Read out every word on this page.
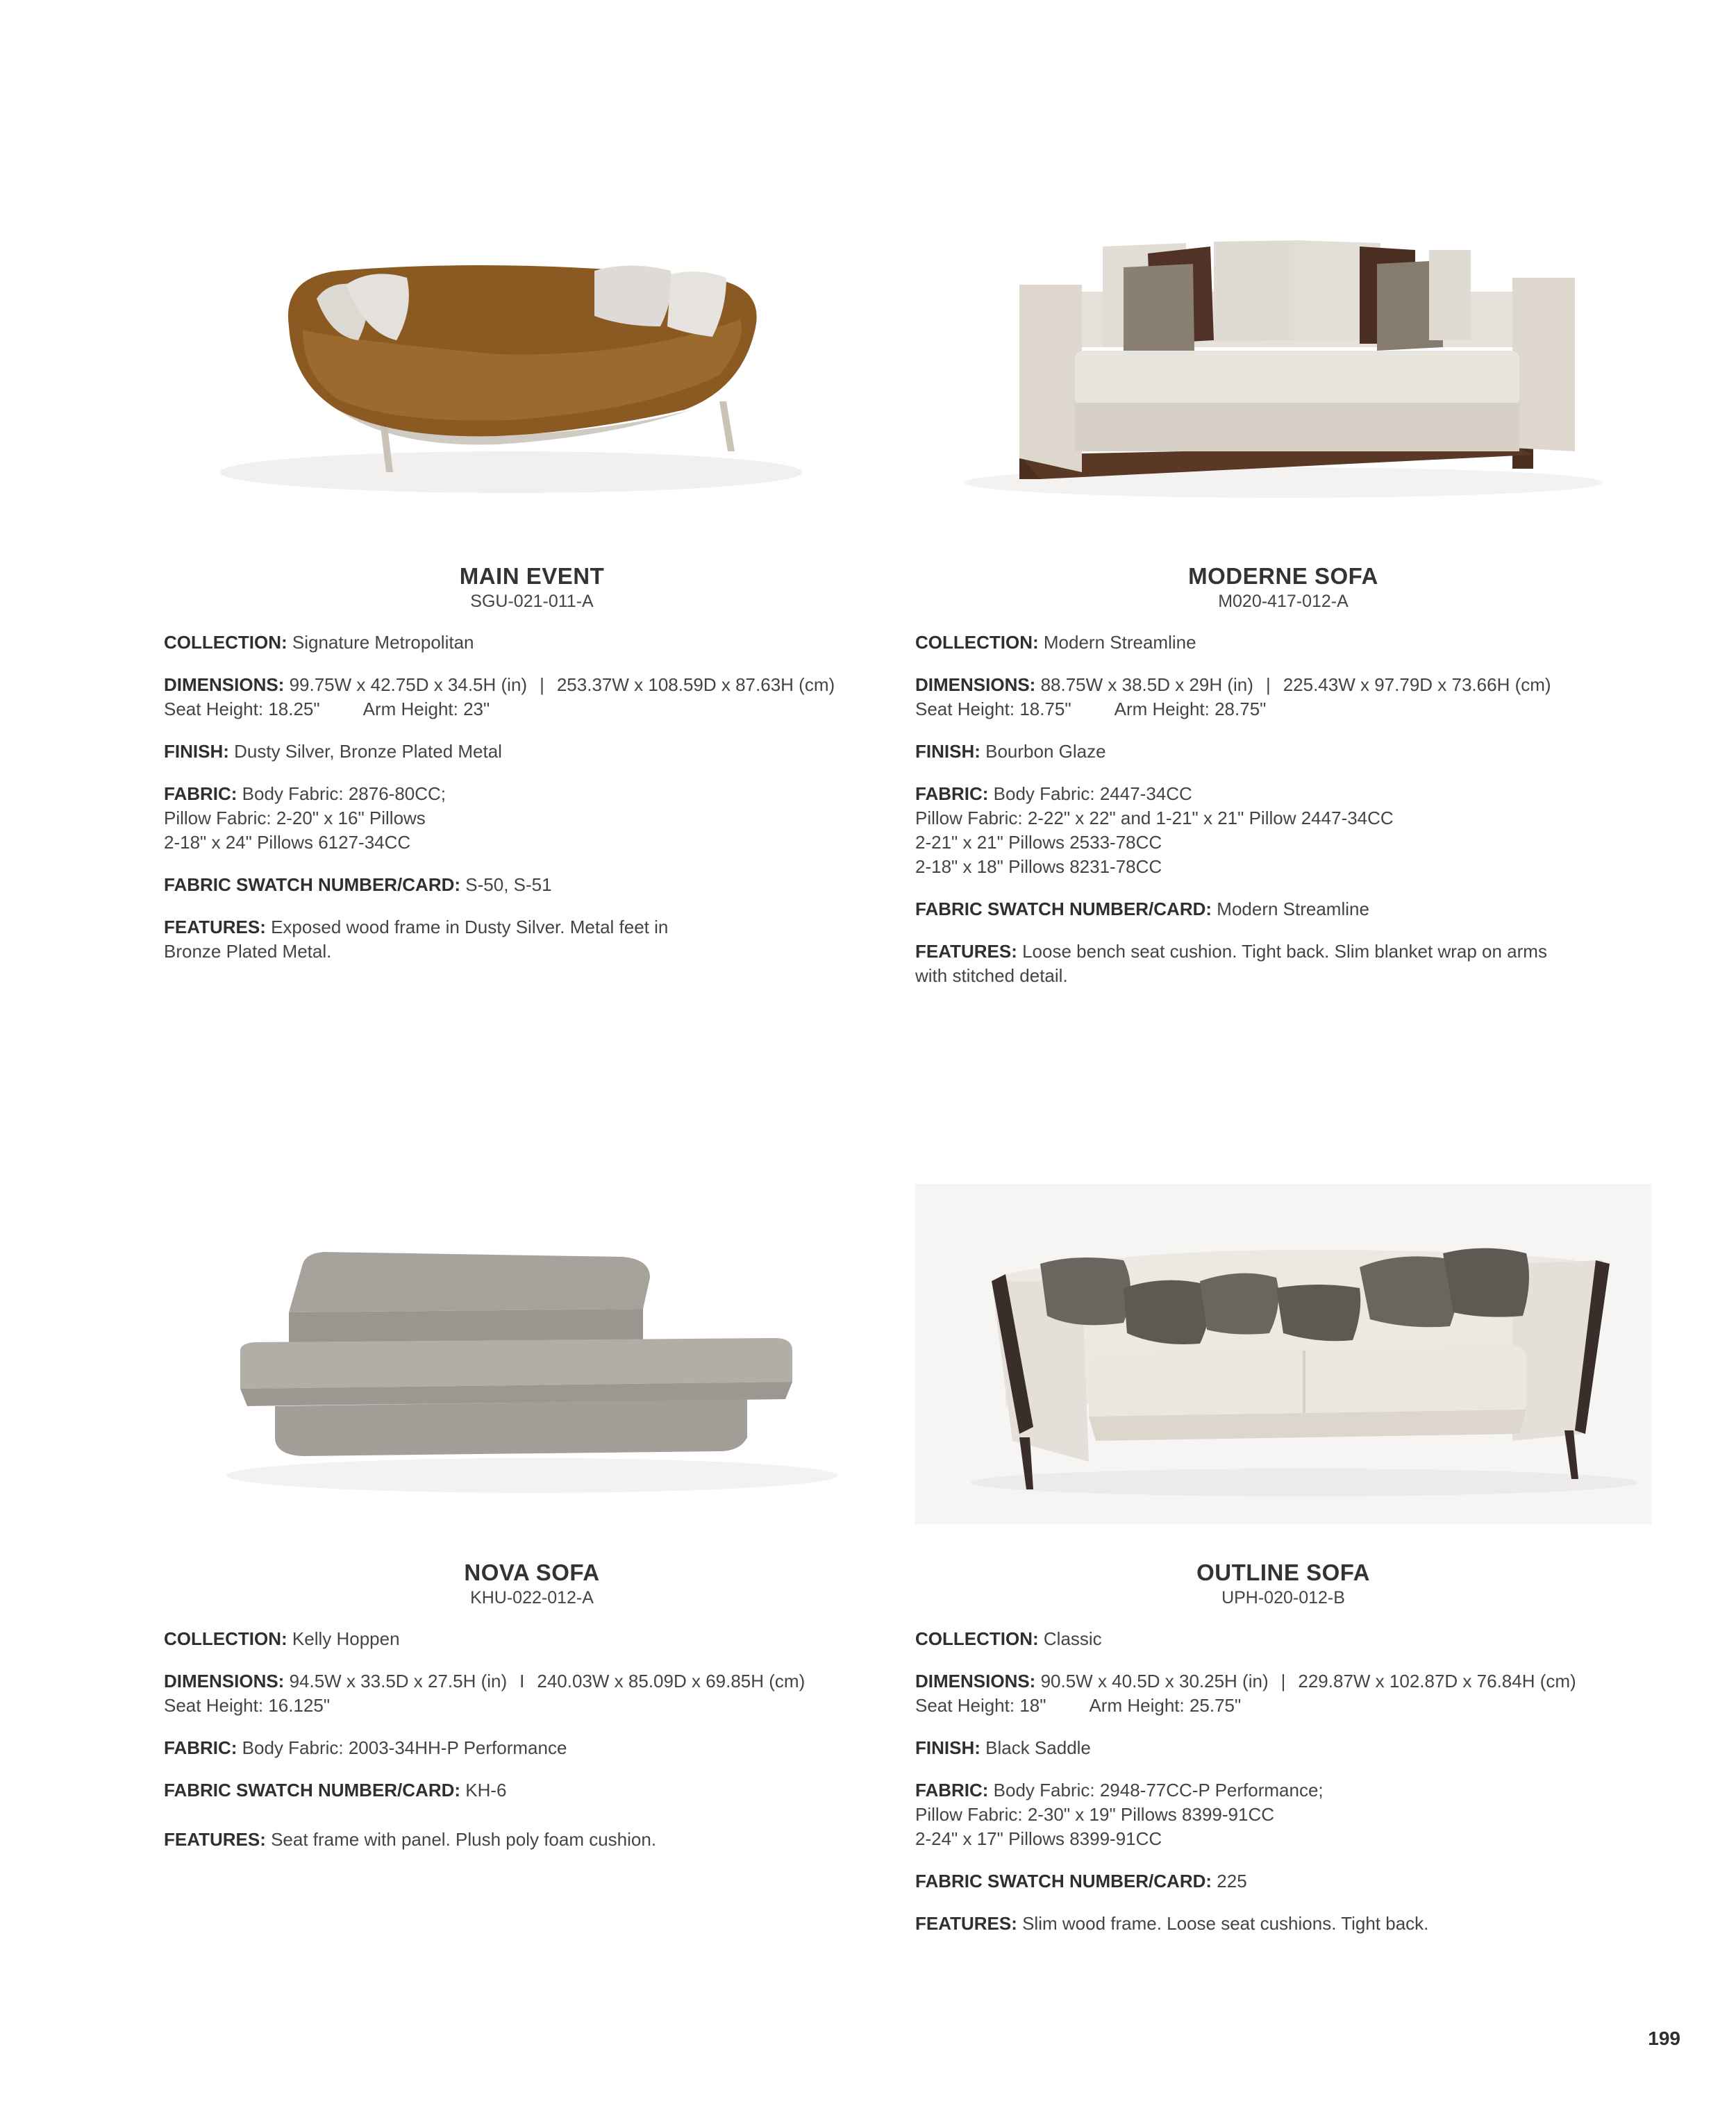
MAIN EVENT

SGU-021-011-A

COLLECTION: Signature Metropolitan

DIMENSIONS: 99.75W x 42.75D x 34.5H (in) | 253.37W x 108.59D x 87.63H (cm)
Seat Height: 18.25" Arm Height: 23"

FINISH: Dusty Silver, Bronze Plated Metal

FABRIC: Body Fabric: 2876-80CC;
Pillow Fabric: 2-20" x 16" Pillows
2-18" x 24" Pillows 6127-34CC

FABRIC SWATCH NUMBER/CARD: S-50, S-51

FEATURES: Exposed wood frame in Dusty Silver. Metal feet in
Bronze Plated Metal.

MODERNE SOFA

M020-417-012-A

COLLECTION: Modern Streamline

DIMENSIONS: 88.75W x 38.5D x 29H (in) | 225.43W x 97.79D x 73.66H (cm)
Seat Height: 18.75" Arm Height: 28.75"

FINISH: Bourbon Glaze

FABRIC: Body Fabric: 2447-34CC
Pillow Fabric: 2-22" x 22" and 1-21" x 21" Pillow 2447-34CC
2-21" x 21" Pillows 2533-78CC
2-18" x 18" Pillows 8231-78CC

FABRIC SWATCH NUMBER/CARD: Modern Streamline

FEATURES: Loose bench seat cushion. Tight back. Slim blanket wrap on arms
with stitched detail.

NOVA SOFA

KHU-022-012-A

COLLECTION: Kelly Hoppen

DIMENSIONS: 94.5W x 33.5D x 27.5H (in) I 240.03W x 85.09D x 69.85H (cm)
Seat Height: 16.125"

FABRIC: Body Fabric: 2003-34HH-P Performance

FABRIC SWATCH NUMBER/CARD: KH-6

FEATURES: Seat frame with panel. Plush poly foam cushion.

OUTLINE SOFA

UPH-020-012-B

COLLECTION: Classic

DIMENSIONS: 90.5W x 40.5D x 30.25H (in) | 229.87W x 102.87D x 76.84H (cm)
Seat Height: 18" Arm Height: 25.75"

FINISH: Black Saddle

FABRIC: Body Fabric: 2948-77CC-P Performance;
Pillow Fabric: 2-30" x 19" Pillows 8399-91CC
2-24" x 17" Pillows 8399-91CC

FABRIC SWATCH NUMBER/CARD: 225

FEATURES: Slim wood frame. Loose seat cushions. Tight back.

199
